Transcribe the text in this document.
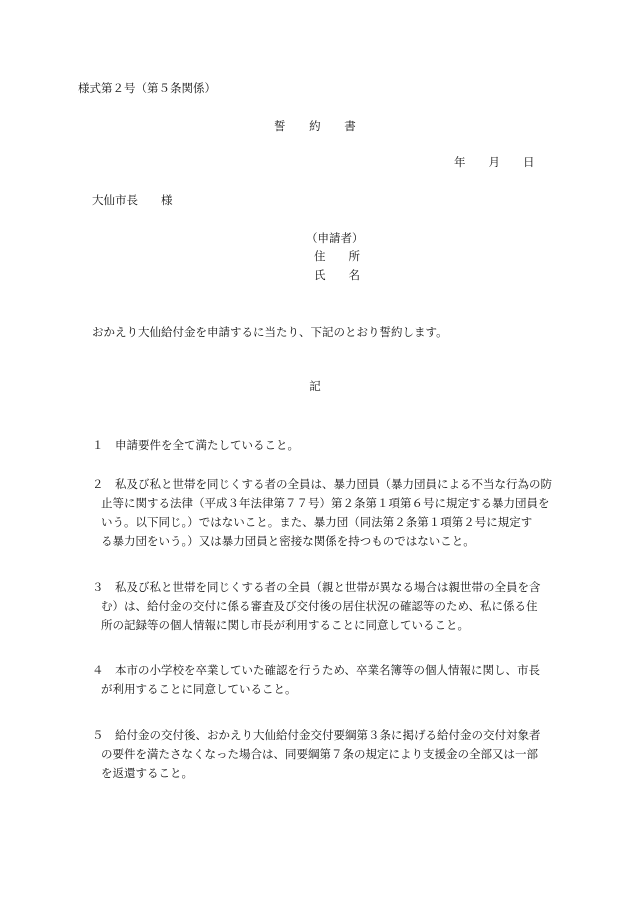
様式第２号（第５条関係）
誓　　約　　書
年　　月　　日
大仙市長　　様
（申請者）
住　　所
氏　　名
おかえり大仙給付金を申請するに当たり、下記のとおり誓約します。
記
１　申請要件を全て満たしていること。
２　私及び私と世帯を同じくする者の全員は、暴力団員（暴力団員による不当な行為の防
止等に関する法律（平成３年法律第７７号）第２条第１項第６号に規定する暴力団員を
いう。以下同じ。）ではないこと。また、暴力団（同法第２条第１項第２号に規定す
る暴力団をいう。）又は暴力団員と密接な関係を持つものではないこと。
３　私及び私と世帯を同じくする者の全員（親と世帯が異なる場合は親世帯の全員を含
む）は、給付金の交付に係る審査及び交付後の居住状況の確認等のため、私に係る住
所の記録等の個人情報に関し市長が利用することに同意していること。
４　本市の小学校を卒業していた確認を行うため、卒業名簿等の個人情報に関し、市長
が利用することに同意していること。
５　給付金の交付後、おかえり大仙給付金交付要綱第３条に掲げる給付金の交付対象者
の要件を満たさなくなった場合は、同要綱第７条の規定により支援金の全部又は一部
を返還すること。
